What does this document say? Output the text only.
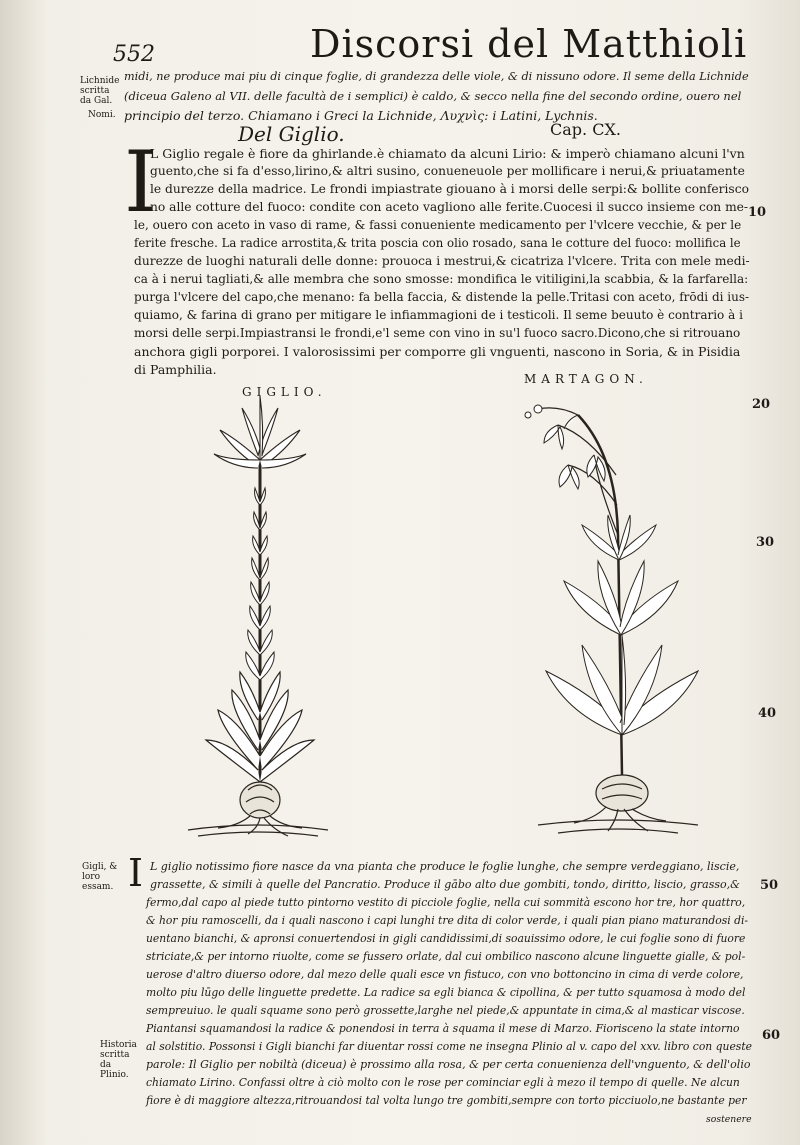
552	Discorsi del Matthioli
Lichnide scritta da Gal.
Nomi.
midi, ne produce mai piu di cinque foglie, di grandezza delle viole, & di nissuno odore. Il seme della Lichnide
(diceua Galeno al VII. delle facultà de i semplici) è caldo, & secco nella fine del secondo ordine, ouero nel
principio del terzo. Chiamano i Greci la Lichnide, Λυχνὶς: i Latini, Lychnis.
Del Giglio.	Cap. CX.
I
L Giglio regale è fiore da ghirlande.è chiamato da alcuni Lirio: & imperò chiamano alcuni l'vn
guento,che si fa d'esso,lirino,& altri susino, conueneuole per mollificare i nerui,& priuatamente
le durezze della madrice. Le frondi impiastrate giouano à i morsi delle serpi:& bollite conferisco
no alle cotture del fuoco: condite con aceto vagliono alle ferite.Cuocesi il succo insieme con me-
le, ouero con aceto in vaso di rame, & fassi conueniente medicamento per l'vlcere vecchie, & per le
ferite fresche. La radice arrostita,& trita poscia con olio rosado, sana le cotture del fuoco: mollifica le
durezze de luoghi naturali delle donne: prouoca i mestrui,& cicatriza l'vlcere. Trita con mele medi-
ca à i nerui tagliati,& alle membra che sono smosse: mondifica le vitiligini,la scabbia, & la farfarella:
purga l'vlcere del capo,che menano: fa bella faccia, & distende la pelle.Tritasi con aceto, frōdi di ius-
quiamo, & farina di grano per mitigare le infiammagioni de i testicoli. Il seme beuuto è contrario à i
morsi delle serpi.Impiastransi le frondi,e'l seme con vino in su'l fuoco sacro.Dicono,che si ritrouano
anchora gigli porporei. I valorosissimi per comporre gli vnguenti, nascono in Soria, & in Pisidia
di Pamphilia.
GIGLIO.
MARTAGON.
10
20
30
40
50
60
Gigli, & loro essam.
Historia scritta da Plinio.
I L giglio notissimo fiore nasce da vna pianta che produce le foglie lunghe, che sempre verdeggiano, liscie,
grassette, & simili à quelle del Pancratio. Produce il gābo alto due gombiti, tondo, diritto, liscio, grasso,&
fermo,dal capo al piede tutto pintorno vestito di picciole foglie, nella cui sommità escono hor tre, hor quattro,
& hor piu ramoscelli, da i quali nascono i capi lunghi tre dita di color verde, i quali pian piano maturandosi di-
uentano bianchi, & apronsi conuertendosi in gigli candidissimi,di soauissimo odore, le cui foglie sono di fuore
striciate,& per intorno riuolte, come se fussero orlate, dal cui ombilico nascono alcune linguette gialle, & pol-
uerose d'altro diuerso odore, dal mezo delle quali esce vn fistuco, con vno bottoncino in cima di verde colore,
molto piu lūgo delle linguette predette. La radice sa egli bianca & cipollina, & per tutto squamosa à modo del
sempreuiuo. le quali squame sono però grossette,larghe nel piede,& appuntate in cima,& al masticar viscose.
Piantansi squamandosi la radice & ponendosi in terra à squama il mese di Marzo. Fiorisceno la state intorno
al solstitio. Possonsi i Gigli bianchi far diuentar rossi come ne insegna Plinio al v. capo del xxv. libro con queste
parole: Il Giglio per nobiltà (diceua) è prossimo alla rosa, & per certa conuenienza dell'vnguento, & dell'olio
chiamato Lirino. Confassi oltre à ciò molto con le rose per cominciar egli à mezo il tempo di quelle. Ne alcun
fiore è di maggiore altezza,ritrouandosi tal volta lungo tre gombiti,sempre con torto picciuolo,ne bastante per
sostenere
